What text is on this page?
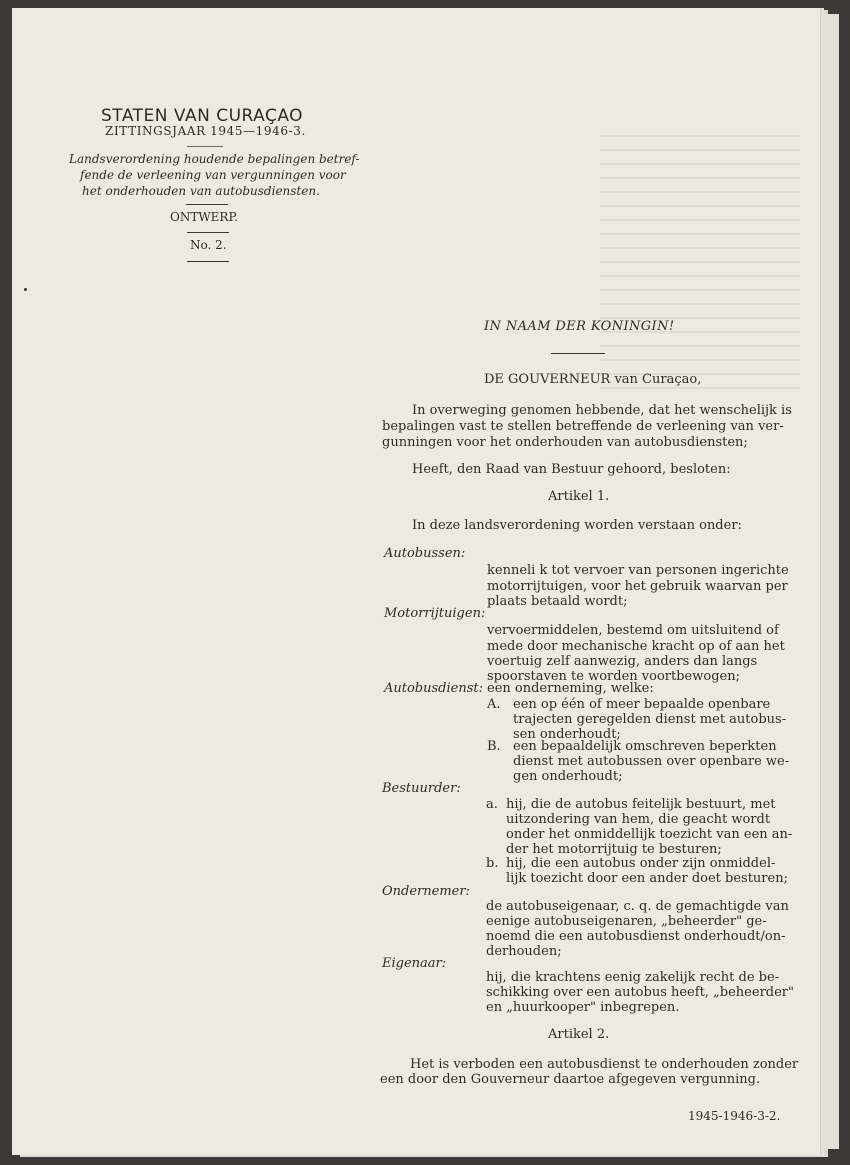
STATEN VAN CURAÇAO
ZITTINGSJAAR 1945—1946-3.
Landsverordening houdende bepalingen betref-
fende de verleening van vergunningen voor
het onderhouden van autobusdiensten.
ONTWERP.
No. 2.
IN NAAM DER KONINGIN!
DE GOUVERNEUR van Curaçao,
In overweging genomen hebbende, dat het wenschelijk is
bepalingen vast te stellen betreffende de verleening van ver-
gunningen voor het onderhouden van autobusdiensten;
Heeft, den Raad van Bestuur gehoord, besloten:
Artikel 1.
In deze landsverordening worden verstaan onder:
Autobussen:
kenneli k tot vervoer van personen ingerichte
motorrijtuigen, voor het gebruik waarvan per
plaats betaald wordt;
Motorrijtuigen:
vervoermiddelen, bestemd om uitsluitend of
mede door mechanische kracht op of aan het
voertuig zelf aanwezig, anders dan langs
spoorstaven te worden voortbewogen;
Autobusdienst: een onderneming, welke:
A. een op één of meer bepaalde openbare
trajecten geregelden dienst met autobus-
sen onderhoudt;
B. een bepaaldelijk omschreven beperkten
dienst met autobussen over openbare we-
gen onderhoudt;
Bestuurder:
a. hij, die de autobus feitelijk bestuurt, met
uitzondering van hem, die geacht wordt
onder het onmiddellijk toezicht van een an-
der het motorrijtuig te besturen;
b. hij, die een autobus onder zijn onmiddel-
lijk toezicht door een ander doet besturen;
Ondernemer:
de autobuseigenaar, c. q. de gemachtigde van
eenige autobuseigenaren, „beheerder" ge-
noemd die een autobusdienst onderhoudt/on-
derhouden;
Eigenaar:
hij, die krachtens eenig zakelijk recht de be-
schikking over een autobus heeft, „beheerder"
en „huurkooper" inbegrepen.
Artikel 2.
Het is verboden een autobusdienst te onderhouden zonder
een door den Gouverneur daartoe afgegeven vergunning.
1945-1946-3-2.
